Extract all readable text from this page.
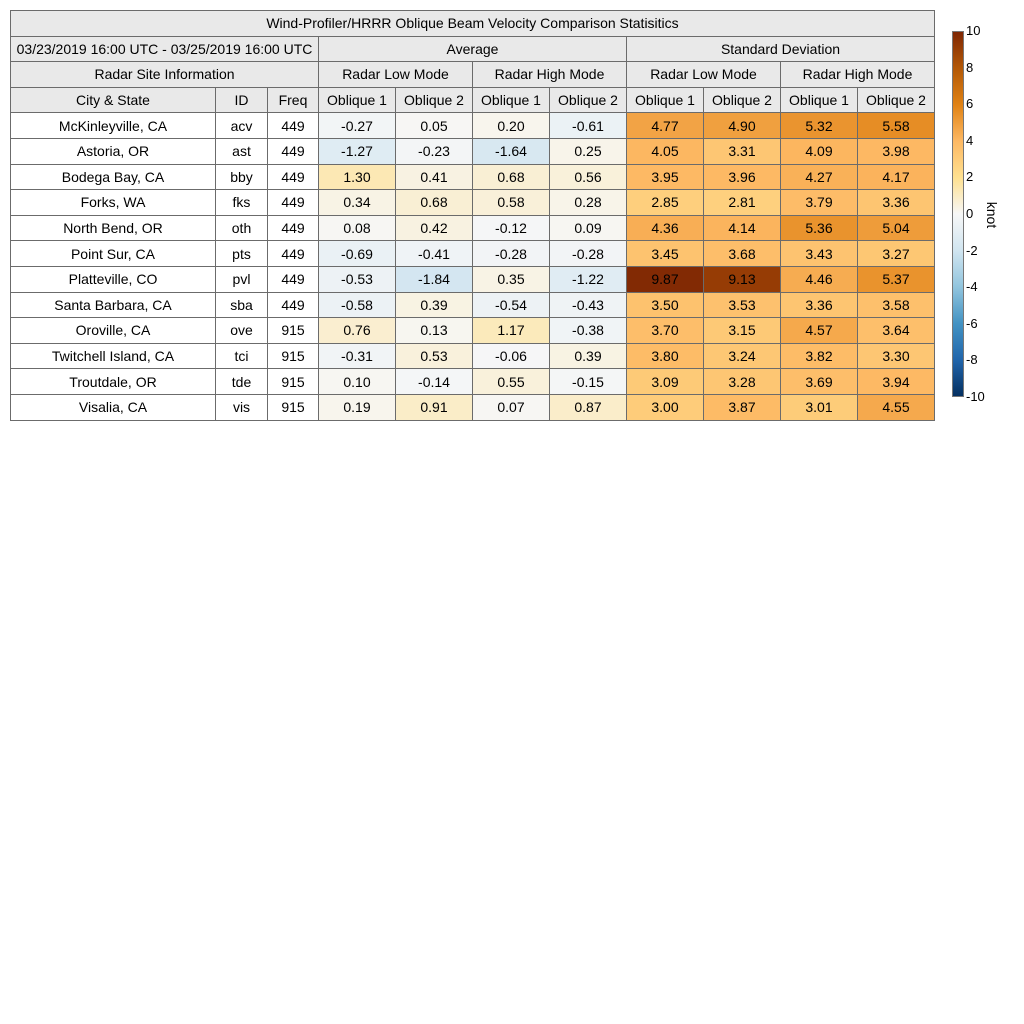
Wind-Profiler/HRRR Oblique Beam Velocity Comparison Statisitics										
03/23/2019 16:00 UTC - 03/25/2019 16:00 UTC			Average				Standard Deviation			
Radar Site Information			Radar Low Mode		Radar High Mode		Radar Low Mode		Radar High Mode	
City & State	ID	Freq	Oblique 1	Oblique 2	Oblique 1	Oblique 2	Oblique 1	Oblique 2	Oblique 1	Oblique 2
McKinleyville, CA	acv	449	-0.27	0.05	0.20	-0.61	4.77	4.90	5.32	5.58
Astoria, OR	ast	449	-1.27	-0.23	-1.64	0.25	4.05	3.31	4.09	3.98
Bodega Bay, CA	bby	449	1.30	0.41	0.68	0.56	3.95	3.96	4.27	4.17
Forks, WA	fks	449	0.34	0.68	0.58	0.28	2.85	2.81	3.79	3.36
North Bend, OR	oth	449	0.08	0.42	-0.12	0.09	4.36	4.14	5.36	5.04
Point Sur, CA	pts	449	-0.69	-0.41	-0.28	-0.28	3.45	3.68	3.43	3.27
Platteville, CO	pvl	449	-0.53	-1.84	0.35	-1.22	9.87	9.13	4.46	5.37
Santa Barbara, CA	sba	449	-0.58	0.39	-0.54	-0.43	3.50	3.53	3.36	3.58
Oroville, CA	ove	915	0.76	0.13	1.17	-0.38	3.70	3.15	4.57	3.64
Twitchell Island, CA	tci	915	-0.31	0.53	-0.06	0.39	3.80	3.24	3.82	3.30
Troutdale, OR	tde	915	0.10	-0.14	0.55	-0.15	3.09	3.28	3.69	3.94
Visalia, CA	vis	915	0.19	0.91	0.07	0.87	3.00	3.87	3.01	4.55
10
8
6
4
2
0
-2
-4
-6
-8
-10
knot
